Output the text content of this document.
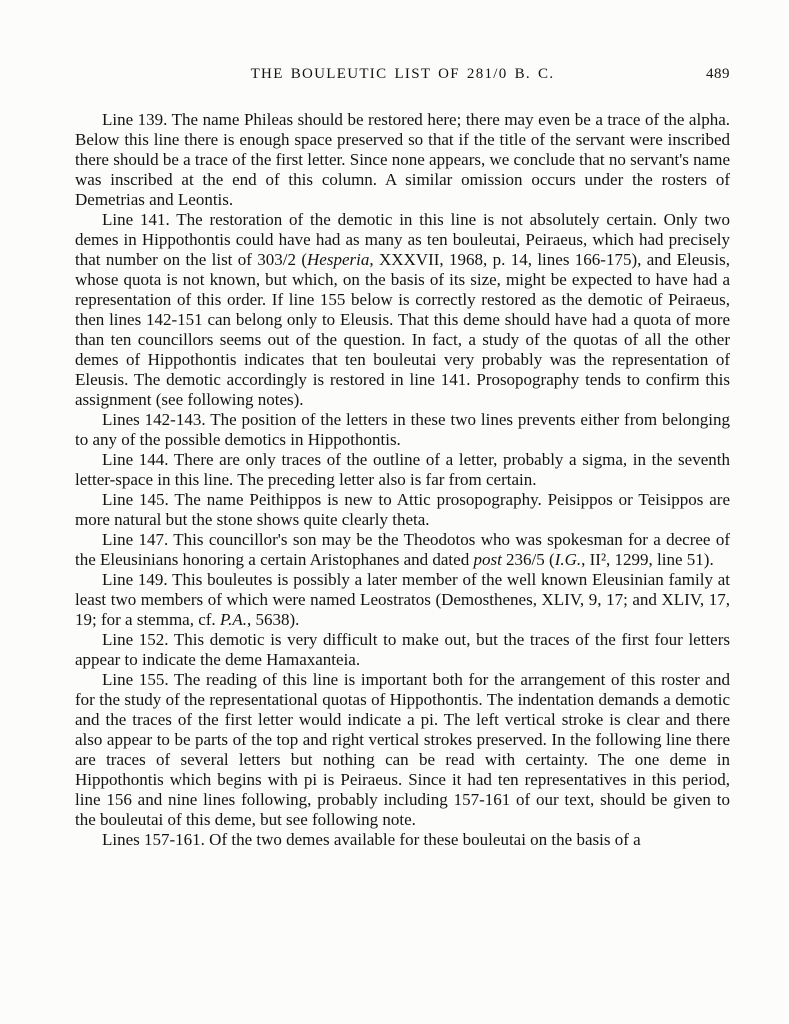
THE BOULEUTIC LIST OF 281/0 B. C.	489

Line 139. The name Phileas should be restored here; there may even be a trace of the alpha. Below this line there is enough space preserved so that if the title of the servant were inscribed there should be a trace of the first letter. Since none appears, we conclude that no servant's name was inscribed at the end of this column. A similar omission occurs under the rosters of Demetrias and Leontis.

Line 141. The restoration of the demotic in this line is not absolutely certain. Only two demes in Hippothontis could have had as many as ten bouleutai, Peiraeus, which had precisely that number on the list of 303/2 (Hesperia, XXXVII, 1968, p. 14, lines 166-175), and Eleusis, whose quota is not known, but which, on the basis of its size, might be expected to have had a representation of this order. If line 155 below is correctly restored as the demotic of Peiraeus, then lines 142-151 can belong only to Eleusis. That this deme should have had a quota of more than ten councillors seems out of the question. In fact, a study of the quotas of all the other demes of Hippothontis indicates that ten bouleutai very probably was the representation of Eleusis. The demotic accordingly is restored in line 141. Prosopography tends to confirm this assignment (see following notes).

Lines 142-143. The position of the letters in these two lines prevents either from belonging to any of the possible demotics in Hippothontis.

Line 144. There are only traces of the outline of a letter, probably a sigma, in the seventh letter-space in this line. The preceding letter also is far from certain.

Line 145. The name Peithippos is new to Attic prosopography. Peisippos or Teisippos are more natural but the stone shows quite clearly theta.

Line 147. This councillor's son may be the Theodotos who was spokesman for a decree of the Eleusinians honoring a certain Aristophanes and dated post 236/5 (I.G., II², 1299, line 51).

Line 149. This bouleutes is possibly a later member of the well known Eleusinian family at least two members of which were named Leostratos (Demosthenes, XLIV, 9, 17; and XLIV, 17, 19; for a stemma, cf. P.A., 5638).

Line 152. This demotic is very difficult to make out, but the traces of the first four letters appear to indicate the deme Hamaxanteia.

Line 155. The reading of this line is important both for the arrangement of this roster and for the study of the representational quotas of Hippothontis. The indentation demands a demotic and the traces of the first letter would indicate a pi. The left vertical stroke is clear and there also appear to be parts of the top and right vertical strokes preserved. In the following line there are traces of several letters but nothing can be read with certainty. The one deme in Hippothontis which begins with pi is Peiraeus. Since it had ten representatives in this period, line 156 and nine lines following, probably including 157-161 of our text, should be given to the bouleutai of this deme, but see following note.

Lines 157-161. Of the two demes available for these bouleutai on the basis of a
